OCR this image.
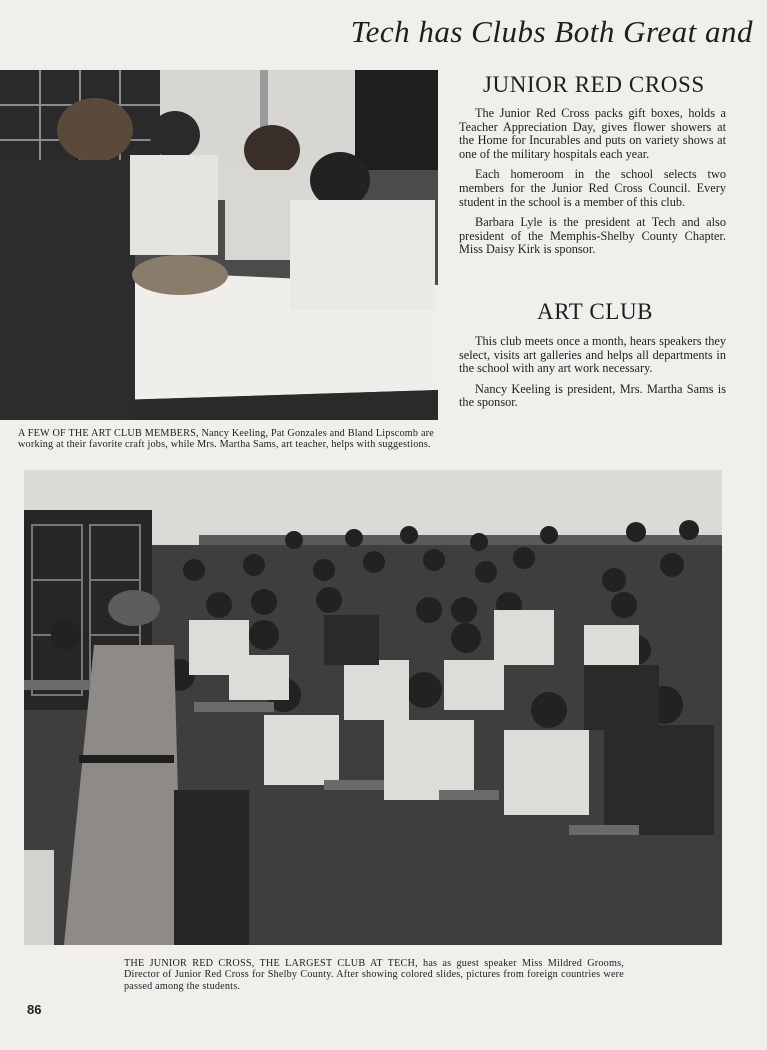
Tech has Clubs Both Great and
A FEW OF THE ART CLUB MEMBERS, Nancy Keeling, Pat Gonzales and Bland Lipscomb are working at their favorite craft jobs, while Mrs. Martha Sams, art teacher, helps with suggestions.
JUNIOR RED CROSS

The Junior Red Cross packs gift boxes, holds a Teacher Appreciation Day, gives flower showers at the Home for Incurables and puts on variety shows at one of the military hospitals each year.

Each homeroom in the school selects two members for the Junior Red Cross Council. Every student in the school is a member of this club.

Barbara Lyle is the president at Tech and also president of the Memphis-Shelby County Chapter. Miss Daisy Kirk is sponsor.

ART CLUB

This club meets once a month, hears speakers they select, visits art galleries and helps all departments in the school with any art work necessary.

Nancy Keeling is president, Mrs. Martha Sams is the sponsor.

THE JUNIOR RED CROSS, THE LARGEST CLUB AT TECH, has as guest speaker Miss Mildred Grooms, Director of Junior Red Cross for Shelby County. After showing colored slides, pictures from foreign countries were passed among the students.
86
